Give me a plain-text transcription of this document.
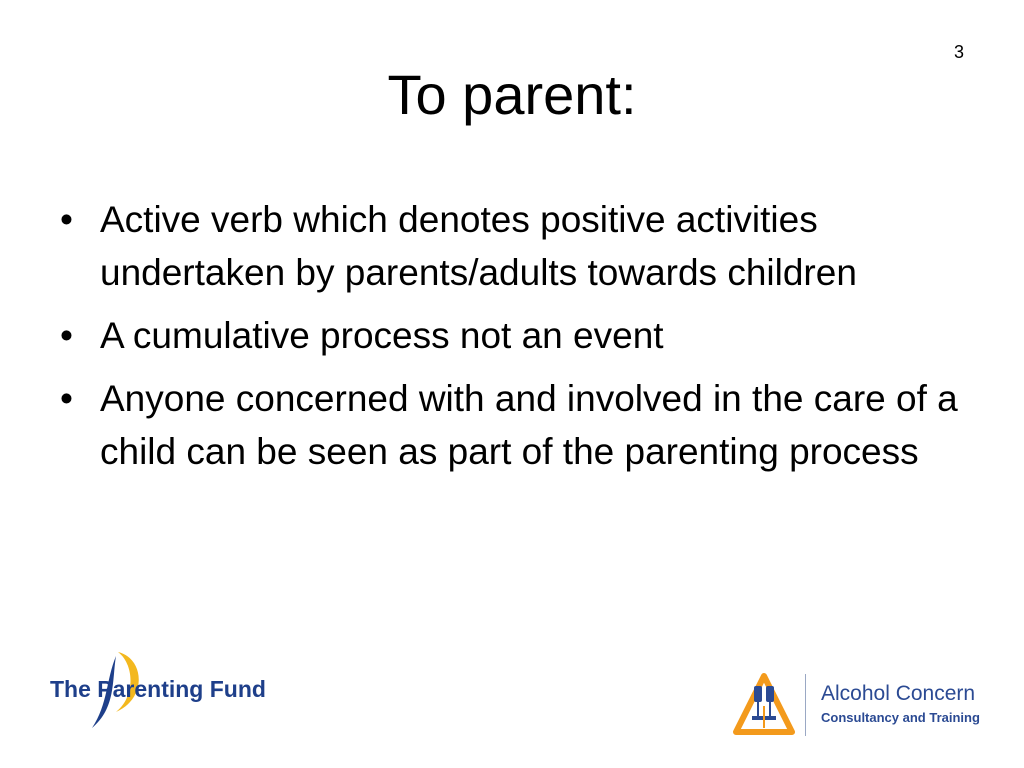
3
To parent:
• Active verb which denotes positive activities undertaken by parents/adults towards children
• A cumulative process not an event
• Anyone concerned with and involved in the care of a child can be seen as part of the parenting process
The Parenting Fund	Alcohol Concern
Consultancy and Training
